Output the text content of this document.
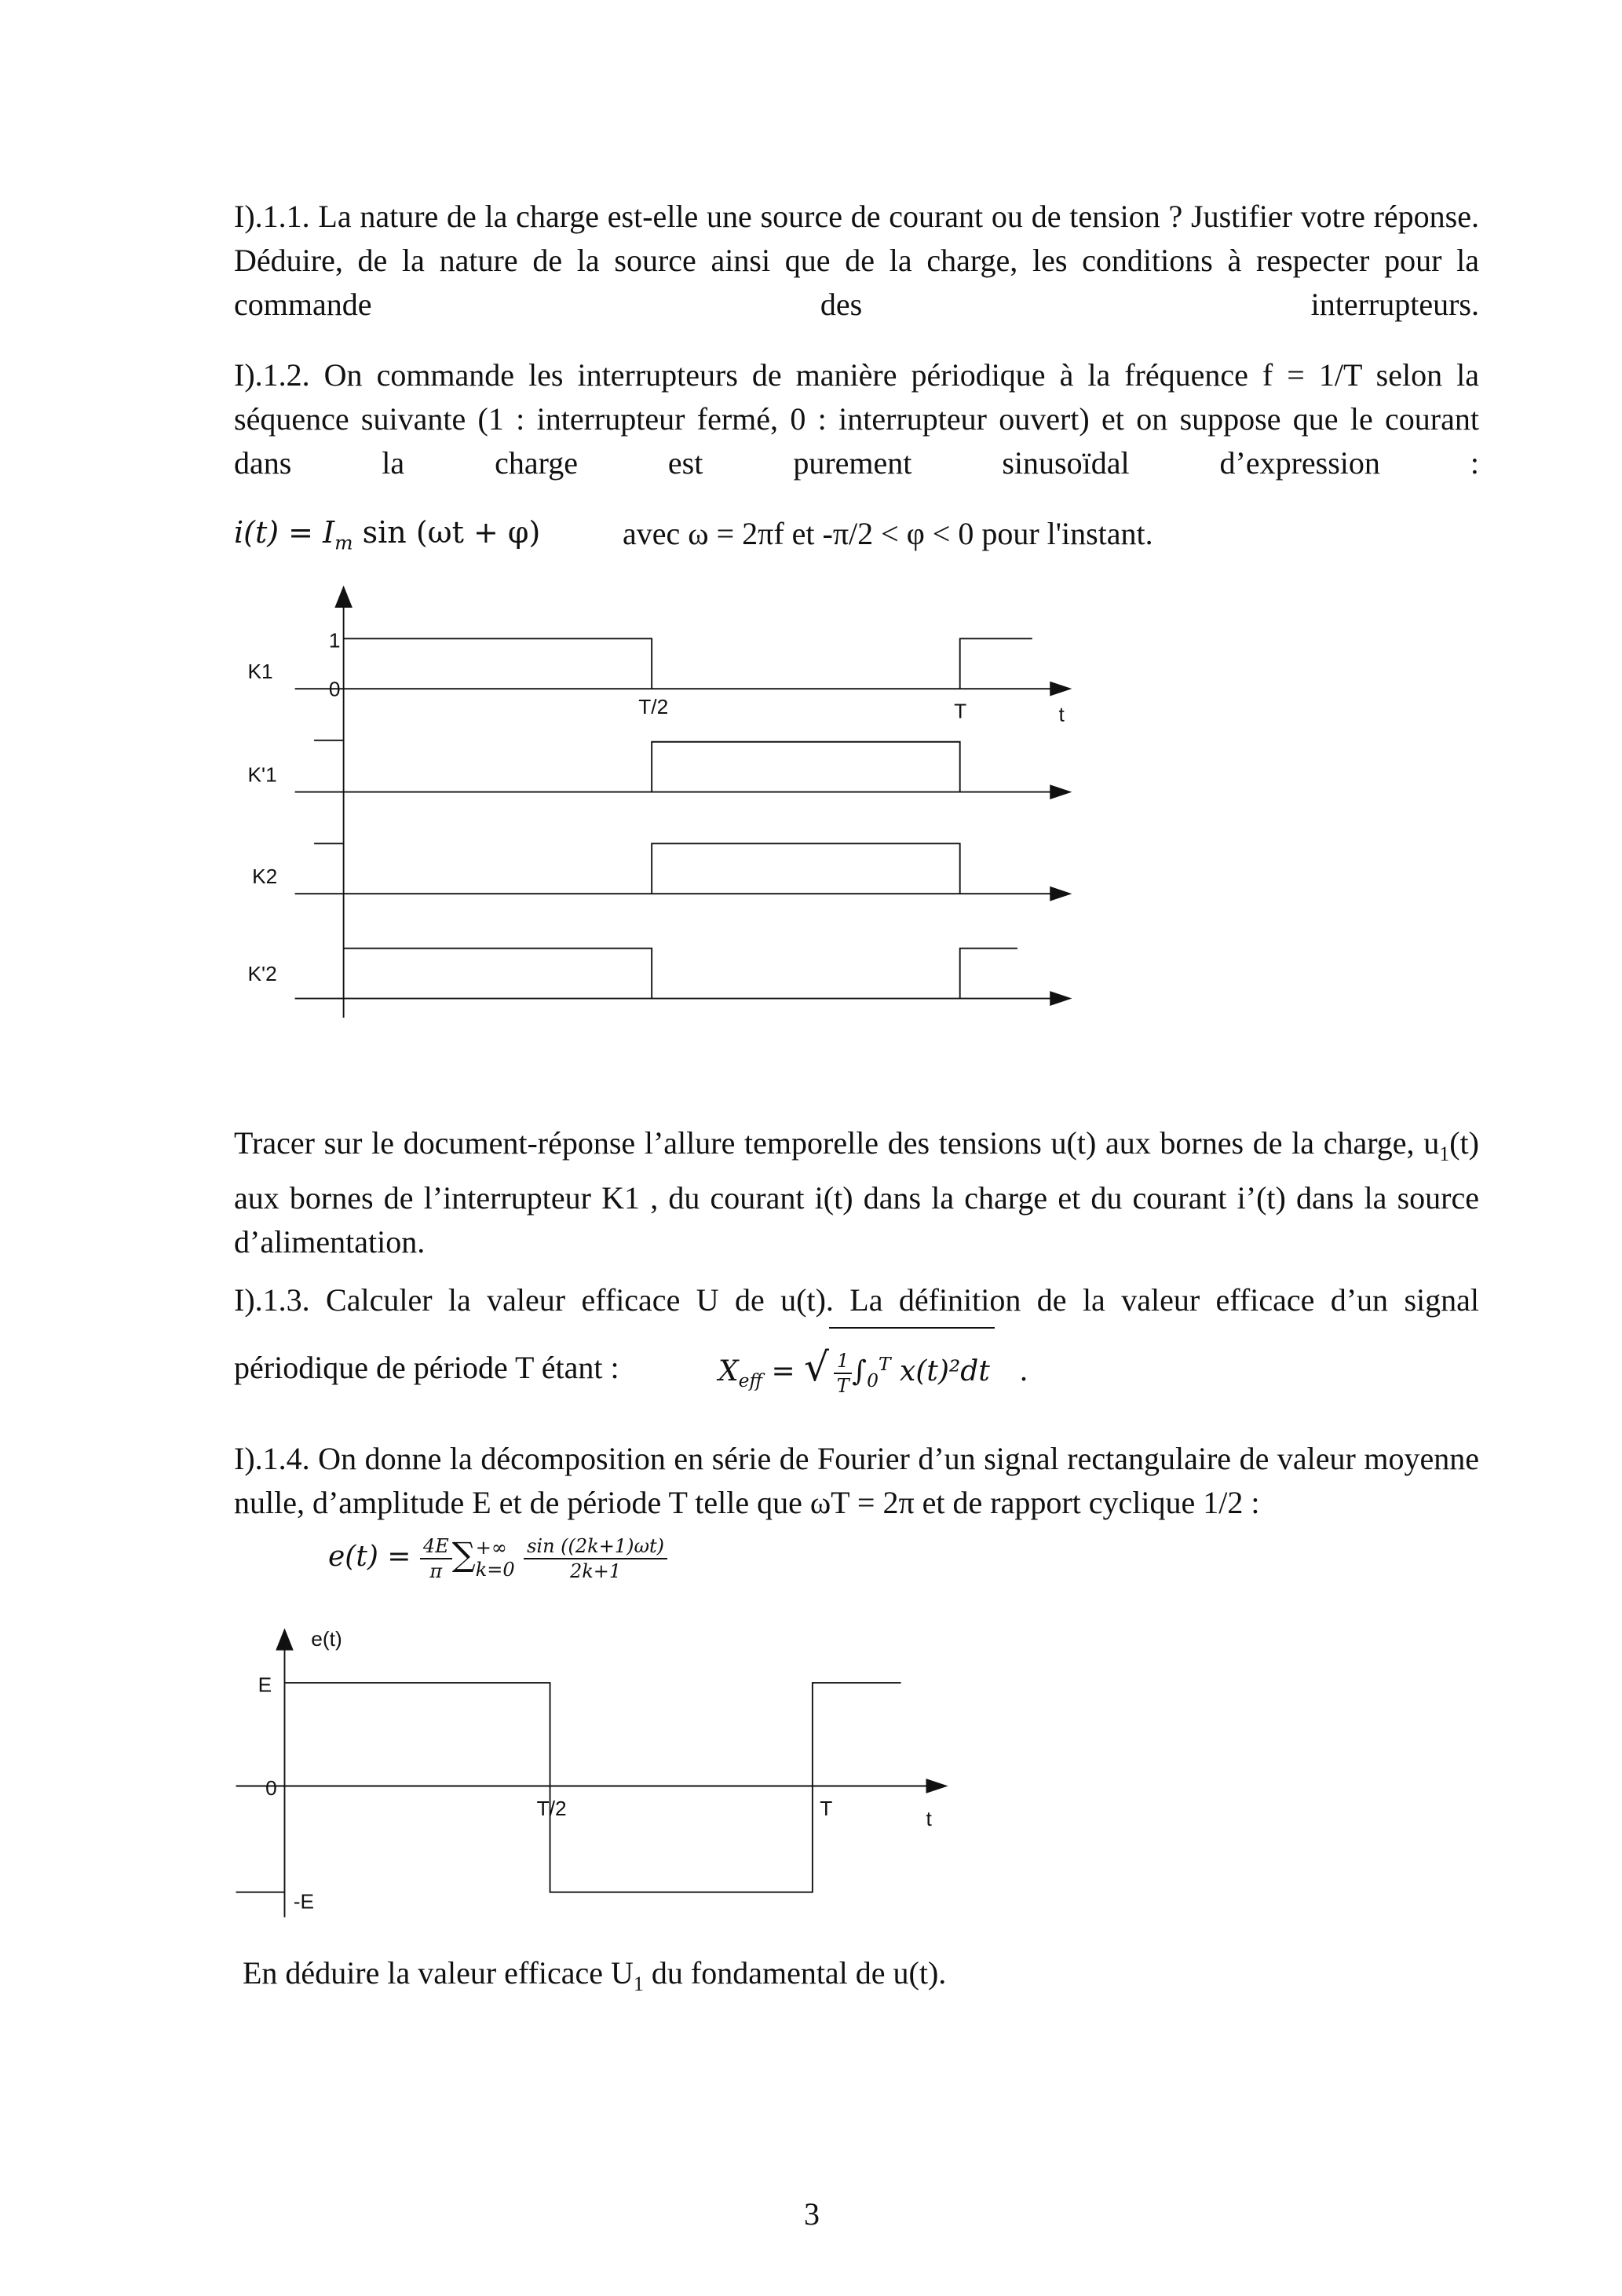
I).1.1. La nature de la charge est-elle une source de courant ou de tension ? Justifier votre réponse. Déduire, de la nature de la source ainsi que de la charge, les conditions à respecter pour la commande des interrupteurs.

I).1.2. On commande les interrupteurs de manière périodique à la fréquence f = 1/T selon la séquence suivante (1 : interrupteur fermé, 0 : interrupteur ouvert) et on suppose que le courant dans la charge est purement sinusoïdal d’expression :

$i(t) = I_m$ sin (ωt + φ)	avec ω = 2πf et -π/2 < φ < 0 pour l'instant.
K1
K'1
K2
K'2
1
0
T/2	T	t
e(t)
E
0
-E
T/2	T	t

Tracer sur le document-réponse l’allure temporelle des tensions u(t) aux bornes de la charge, $u_1(t)$ aux bornes de l’interrupteur K1 , du courant i(t) dans la charge et du courant i’(t) dans la source d’alimentation.

I).1.3. Calculer la valeur efficace U de u(t). La définition de la valeur efficace d’un signal

périodique de période T étant :	$X_{eff}$ = √ $\frac{1}{T} \int_0^T$ x(t)²dt .

I).1.4. On donne la décomposition en série de Fourier d’un signal rectangulaire de valeur moyenne nulle, d’amplitude E et de période T telle que ωT = 2π et de rapport cyclique 1/2 :

$e(t) = \frac{4E}{\pi}$ ∑ +∞
k=0
$\frac{\sin ((2k+1)\omega t)}{2k+1}$
En déduire la valeur efficace $U_1$ du fondamental de u(t).
3
